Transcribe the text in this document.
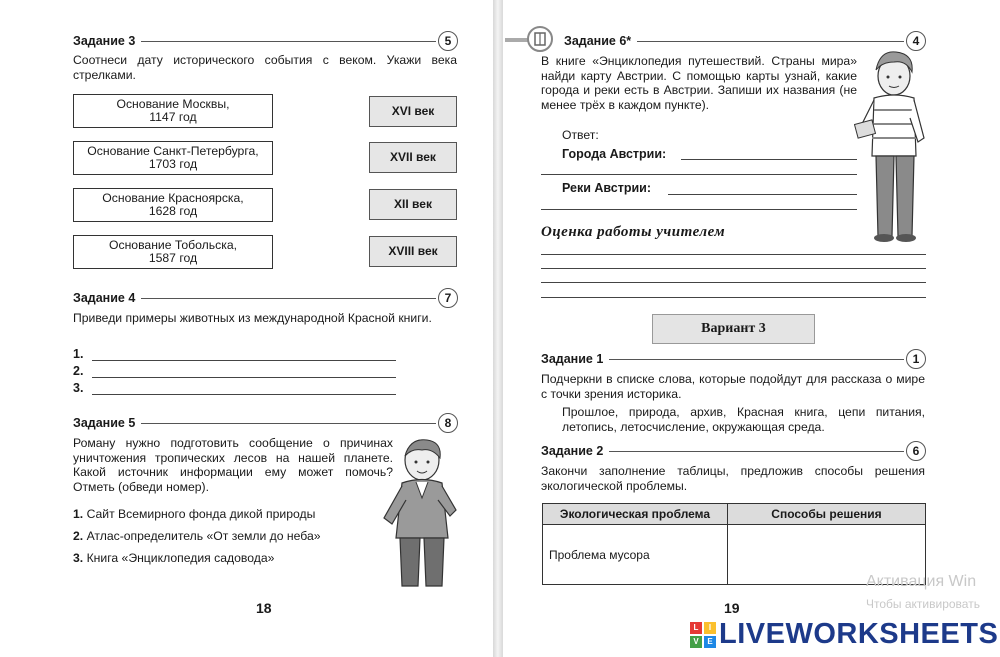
Задание 3	5
Соотнеси дату исторического события с веком. Укажи века стрелками.
Основание Москвы,
1147 год
Основание Санкт-Петербурга,
1703 год
Основание Красноярска,
1628 год
Основание Тобольска,
1587 год
XVI век
XVII век
XII век
XVIII век
Задание 4	7
Приведи примеры животных из международной Красной книги.
1.
2.
3.
Задание 5	8
Роману нужно подготовить сообщение о причинах уничтожения тропических лесов на нашей планете. Какой источник информации ему может помочь? Отметь (обведи номер).
1. Сайт Всемирного фонда дикой природы
2. Атлас-определитель «От земли до неба»
3. Книга «Энциклопедия садовода»
18
Задание 6*	4
В книге «Энциклопедия путешествий. Страны мира» найди карту Австрии. С помощью карты узнай, какие города и реки есть в Австрии. Запиши их названия (не менее трёх в каждом пункте).
Ответ:
Города Австрии:
Реки Австрии:
Оценка работы учителем
Вариант 3
Задание 1	1
Подчеркни в списке слова, которые подойдут для рассказа о мире с точки зрения историка.
Прошлое, природа, архив, Красная книга, цепи питания, летопись, летосчисление, окружающая среда.
Задание 2	6
Закончи заполнение таблицы, предложив способы решения экологической проблемы.
Экологическая проблема	Способы решения
Проблема мусора	
19
Активация Win
Чтобы активировать
L	I
V	E LIVEWORKSHEETS
